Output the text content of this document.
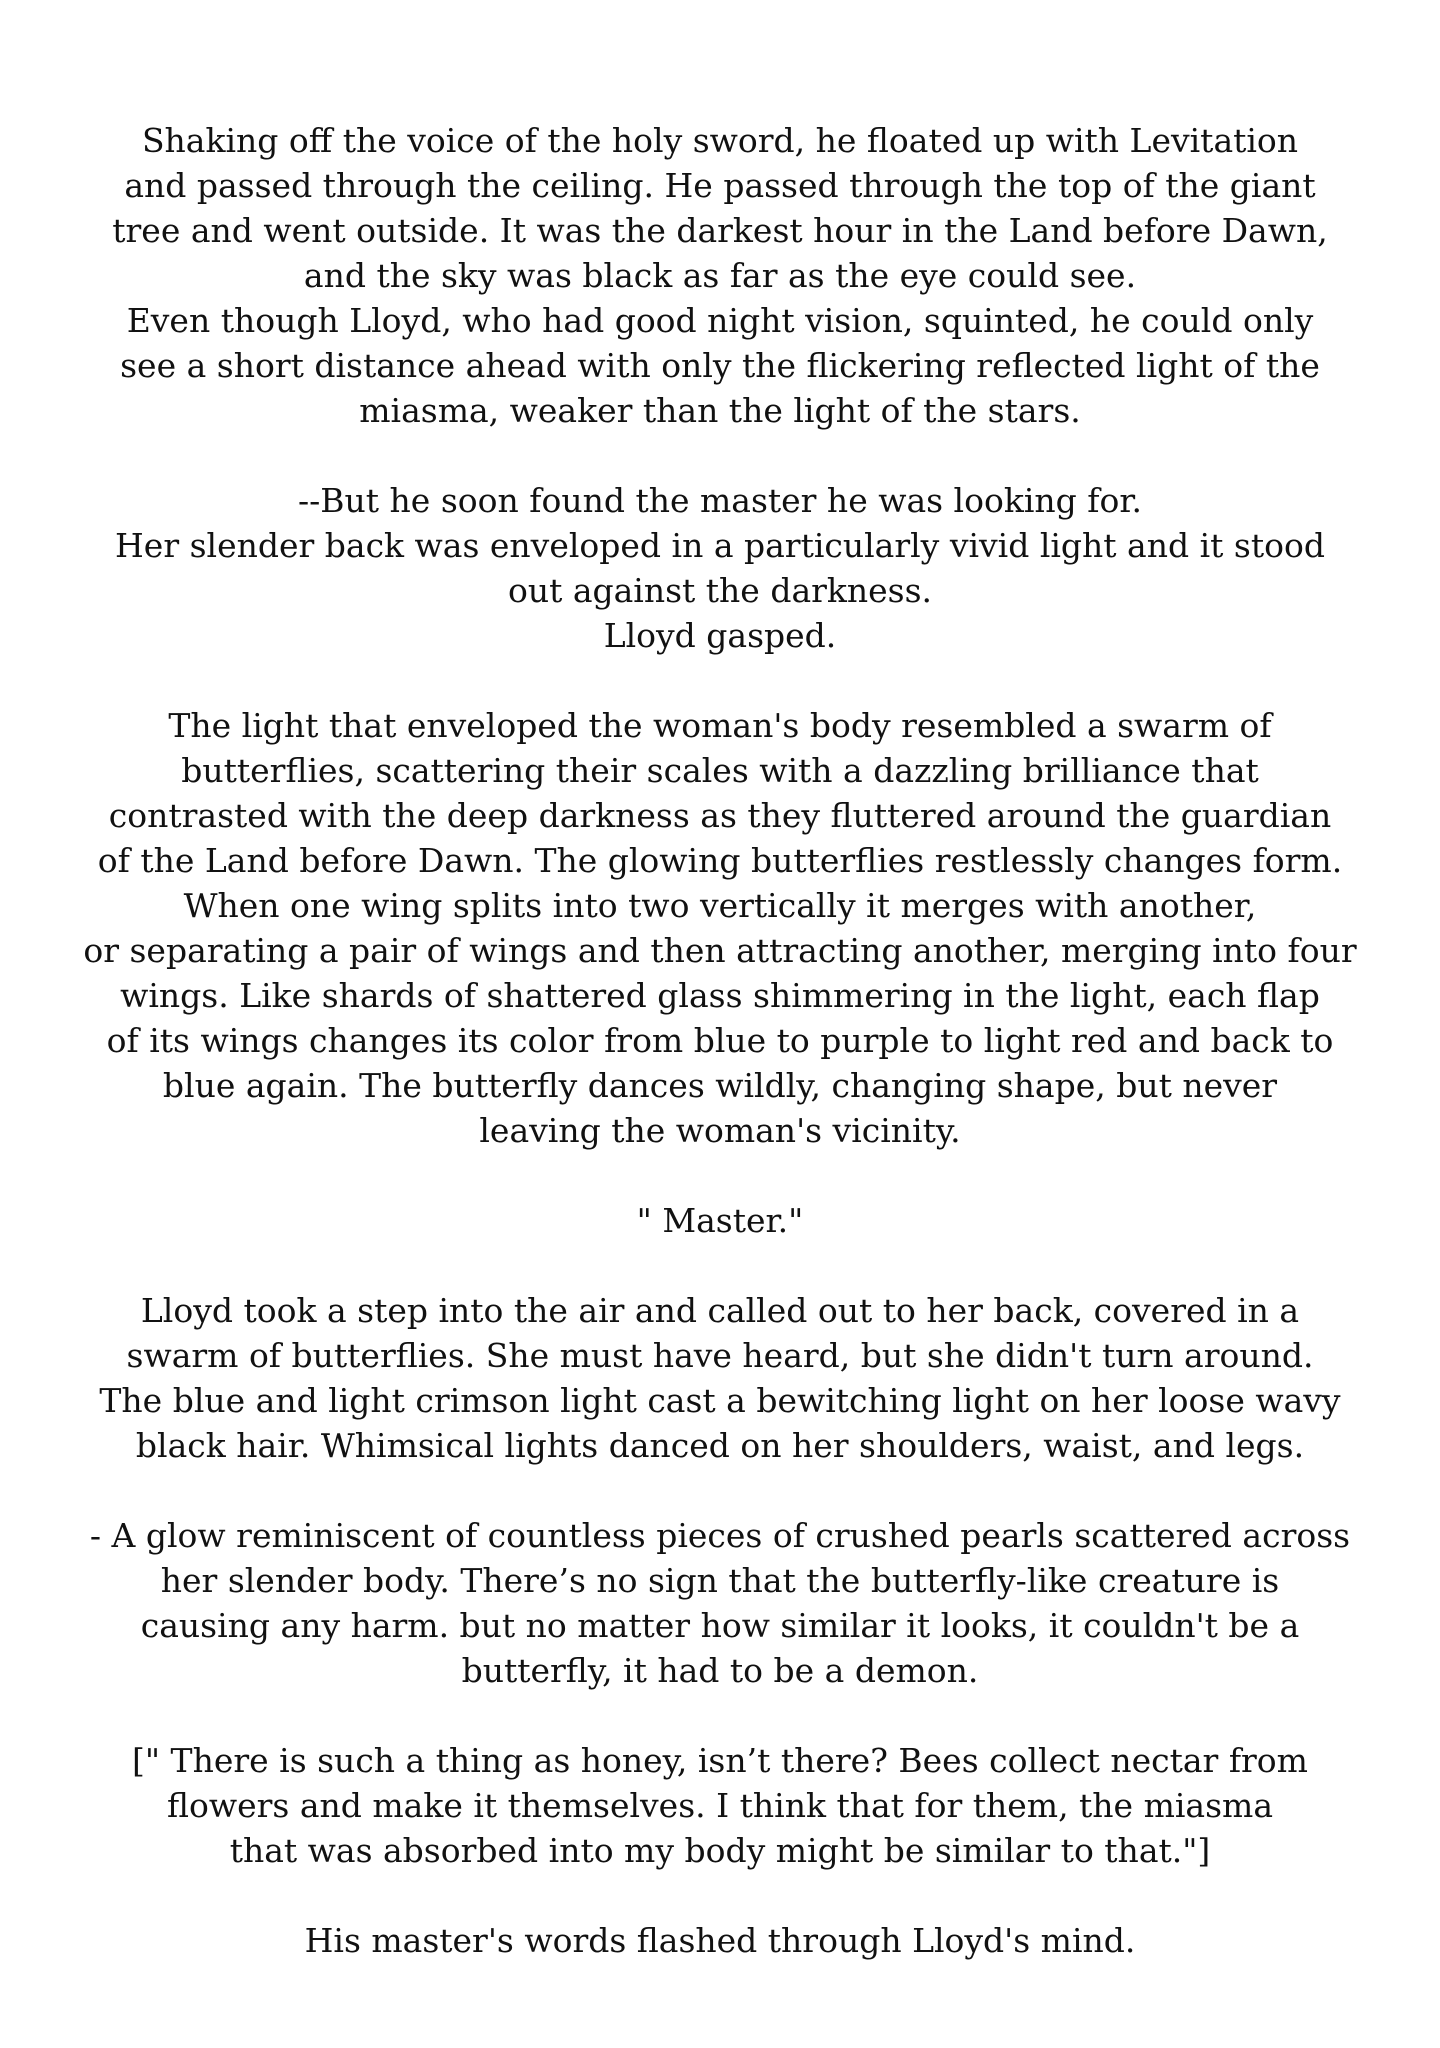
Shaking off the voice of the holy sword, he floated up with Levitation
and passed through the ceiling. He passed through the top of the giant
tree and went outside. It was the darkest hour in the Land before Dawn,
and the sky was black as far as the eye could see.
Even though Lloyd, who had good night vision, squinted, he could only
see a short distance ahead with only the flickering reflected light of the
miasma, weaker than the light of the stars.

--But he soon found the master he was looking for.
Her slender back was enveloped in a particularly vivid light and it stood
out against the darkness.
Lloyd gasped.

The light that enveloped the woman's body resembled a swarm of
butterflies, scattering their scales with a dazzling brilliance that
contrasted with the deep darkness as they fluttered around the guardian
of the Land before Dawn. The glowing butterflies restlessly changes form.
When one wing splits into two vertically it merges with another,
or separating a pair of wings and then attracting another, merging into four
wings. Like shards of shattered glass shimmering in the light, each flap
of its wings changes its color from blue to purple to light red and back to
blue again. The butterfly dances wildly, changing shape, but never
leaving the woman's vicinity.

" Master."

Lloyd took a step into the air and called out to her back, covered in a
swarm of butterflies. She must have heard, but she didn't turn around.
The blue and light crimson light cast a bewitching light on her loose wavy
black hair. Whimsical lights danced on her shoulders, waist, and legs.

- A glow reminiscent of countless pieces of crushed pearls scattered across
her slender body. There’s no sign that the butterfly-like creature is
causing any harm. but no matter how similar it looks, it couldn't be a
butterfly, it had to be a demon.

[" There is such a thing as honey, isn’t there? Bees collect nectar from
flowers and make it themselves. I think that for them, the miasma
that was absorbed into my body might be similar to that."]

His master's words flashed through Lloyd's mind.
